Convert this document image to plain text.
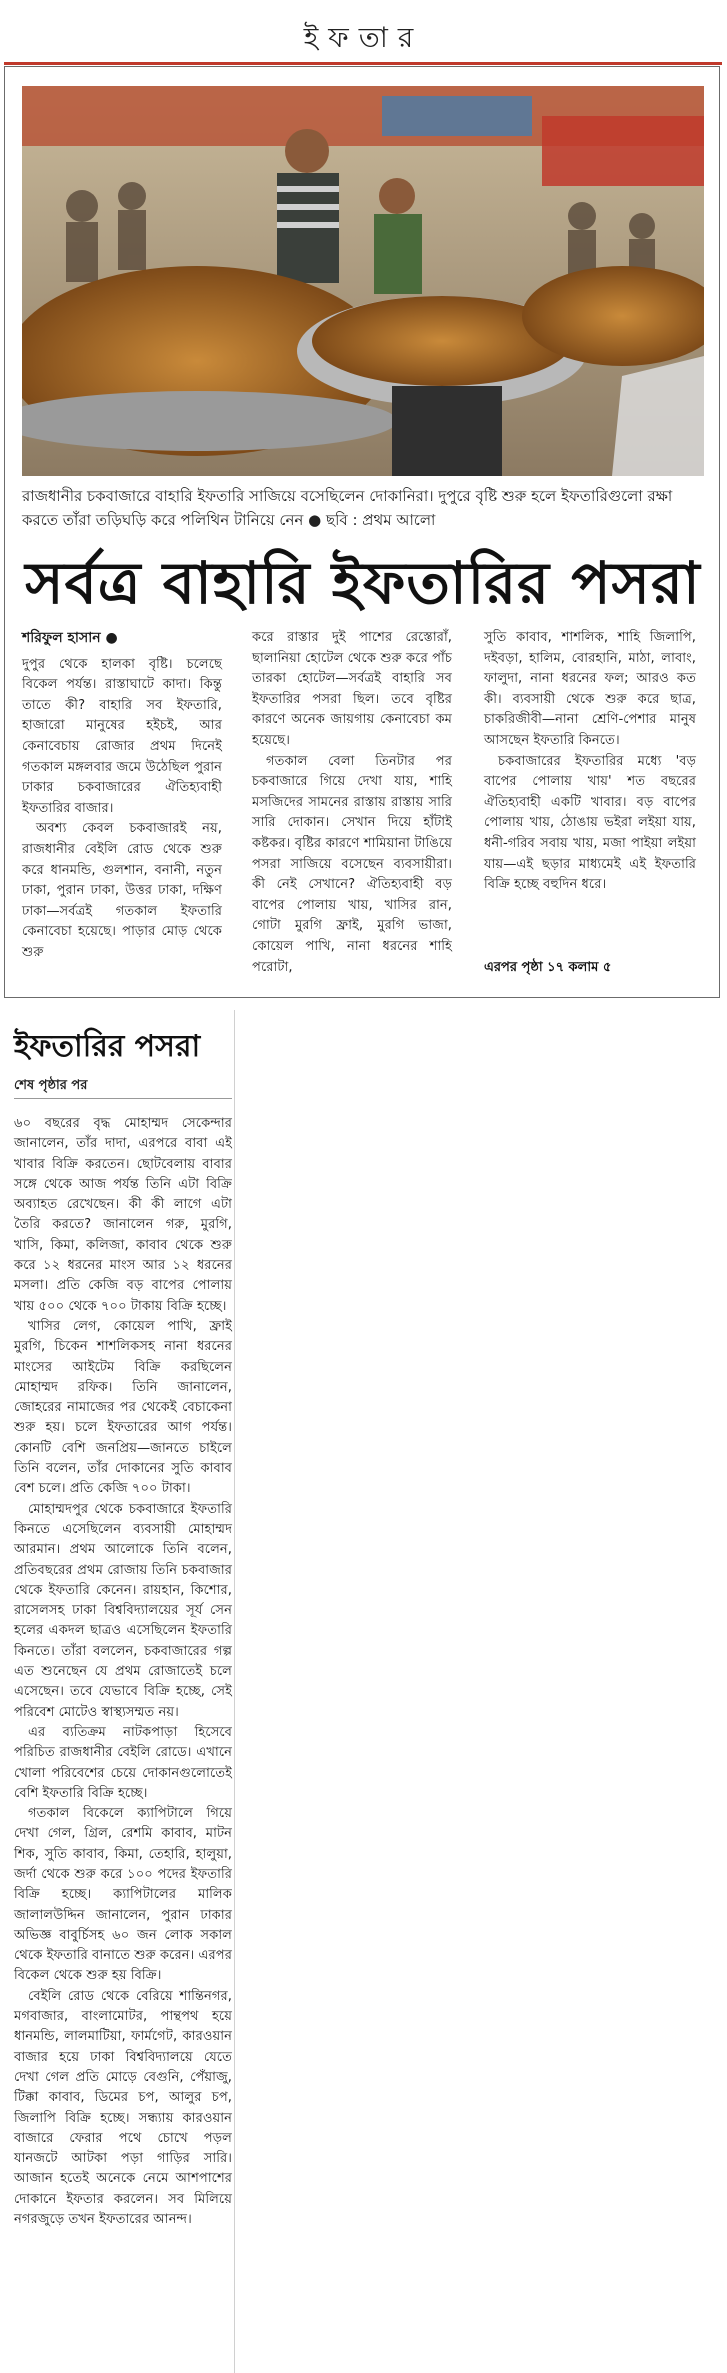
ইফতার
রাজধানীর চকবাজারে বাহারি ইফতারি সাজিয়ে বসেছিলেন দোকানিরা। দুপুরে বৃষ্টি শুরু হলে ইফতারিগুলো রক্ষা করতে তাঁরা তড়িঘড়ি করে পলিথিন টানিয়ে নেন ● ছবি : প্রথম আলো
সর্বত্র বাহারি ইফতারির পসরা
শরিফুল হাসান ●

দুপুর থেকে হালকা বৃষ্টি। চলেছে বিকেল পর্যন্ত। রাস্তাঘাটে কাদা। কিন্তু তাতে কী? বাহারি সব ইফতারি, হাজারো মানুষের হইচই, আর কেনাবেচায় রোজার প্রথম দিনেই গতকাল মঙ্গলবার জমে উঠেছিল পুরান ঢাকার চকবাজারের ঐতিহ্যবাহী ইফতারির বাজার।

অবশ্য কেবল চকবাজারই নয়, রাজধানীর বেইলি রোড থেকে শুরু করে ধানমন্ডি, গুলশান, বনানী, নতুন ঢাকা, পুরান ঢাকা, উত্তর ঢাকা, দক্ষিণ ঢাকা—সর্বত্রই গতকাল ইফতারি কেনাবেচা হয়েছে। পাড়ার মোড় থেকে শুরু

করে রাস্তার দুই পাশের রেস্তোরাঁ, ছালানিয়া হোটেল থেকে শুরু করে পাঁচ তারকা হোটেল—সর্বত্রই বাহারি সব ইফতারির পসরা ছিল। তবে বৃষ্টির কারণে অনেক জায়গায় কেনাবেচা কম হয়েছে।

গতকাল বেলা তিনটার পর চকবাজারে গিয়ে দেখা যায়, শাহি মসজিদের সামনের রাস্তায় রাস্তায় সারি সারি দোকান। সেখান দিয়ে হাঁটাই কষ্টকর। বৃষ্টির কারণে শামিয়ানা টাঙিয়ে পসরা সাজিয়ে বসেছেন ব্যবসায়ীরা। কী নেই সেখানে? ঐতিহ্যবাহী বড় বাপের পোলায় খায়, খাসির রান, গোটা মুরগি ফ্রাই, মুরগি ভাজা, কোয়েল পাখি, নানা ধরনের শাহি পরোটা,

সুতি কাবাব, শাশলিক, শাহি জিলাপি, দইবড়া, হালিম, বোরহানি, মাঠা, লাবাং, ফালুদা, নানা ধরনের ফল; আরও কত কী। ব্যবসায়ী থেকে শুরু করে ছাত্র, চাকরিজীবী—নানা শ্রেণি-পেশার মানুষ আসছেন ইফতারি কিনতে।

চকবাজারের ইফতারির মধ্যে 'বড় বাপের পোলায় খায়' শত বছরের ঐতিহ্যবাহী একটি খাবার। বড় বাপের পোলায় খায়, ঠোঙায় ভইরা লইয়া যায়, ধনী-গরিব সবায় খায়, মজা পাইয়া লইয়া যায়—এই ছড়ার মাধ্যমেই এই ইফতারি বিক্রি হচ্ছে বহুদিন ধরে।

এরপর পৃষ্ঠা ১৭ কলাম ৫
ইফতারির পসরা
শেষ পৃষ্ঠার পর

৬০ বছরের বৃদ্ধ মোহাম্মদ সেকেন্দার জানালেন, তাঁর দাদা, এরপরে বাবা এই খাবার বিক্রি করতেন। ছোটবেলায় বাবার সঙ্গে থেকে আজ পর্যন্ত তিনি এটা বিক্রি অব্যাহত রেখেছেন। কী কী লাগে এটা তৈরি করতে? জানালেন গরু, মুরগি, খাসি, কিমা, কলিজা, কাবাব থেকে শুরু করে ১২ ধরনের মাংস আর ১২ ধরনের মসলা। প্রতি কেজি বড় বাপের পোলায় খায় ৫০০ থেকে ৭০০ টাকায় বিক্রি হচ্ছে।

খাসির লেগ, কোয়েল পাখি, ফ্রাই মুরগি, চিকেন শাশলিকসহ নানা ধরনের মাংসের আইটেম বিক্রি করছিলেন মোহাম্মদ রফিক। তিনি জানালেন, জোহরের নামাজের পর থেকেই বেচাকেনা শুরু হয়। চলে ইফতারের আগ পর্যন্ত। কোনটি বেশি জনপ্রিয়—জানতে চাইলে তিনি বলেন, তাঁর দোকানের সুতি কাবাব বেশ চলে। প্রতি কেজি ৭০০ টাকা।

মোহাম্মদপুর থেকে চকবাজারে ইফতারি কিনতে এসেছিলেন ব্যবসায়ী মোহাম্মদ আরমান। প্রথম আলোকে তিনি বলেন, প্রতিবছরের প্রথম রোজায় তিনি চকবাজার থেকে ইফতারি কেনেন। রায়হান, কিশোর, রাসেলসহ ঢাকা বিশ্ববিদ্যালয়ের সূর্য সেন হলের একদল ছাত্রও এসেছিলেন ইফতারি কিনতে। তাঁরা বললেন, চকবাজারের গল্প এত শুনেছেন যে প্রথম রোজাতেই চলে এসেছেন। তবে যেভাবে বিক্রি হচ্ছে, সেই পরিবেশ মোটেও স্বাস্থ্যসম্মত নয়।

এর ব্যতিক্রম নাটকপাড়া হিসেবে পরিচিত রাজধানীর বেইলি রোডে। এখানে খোলা পরিবেশের চেয়ে দোকানগুলোতেই বেশি ইফতারি বিক্রি হচ্ছে।

গতকাল বিকেলে ক্যাপিটালে গিয়ে দেখা গেল, গ্রিল, রেশমি কাবাব, মাটন শিক, সুতি কাবাব, কিমা, তেহারি, হালুয়া, জর্দা থেকে শুরু করে ১০০ পদের ইফতারি বিক্রি হচ্ছে। ক্যাপিটালের মালিক জালালউদ্দিন জানালেন, পুরান ঢাকার অভিজ্ঞ বাবুর্চিসহ ৬০ জন লোক সকাল থেকে ইফতারি বানাতে শুরু করেন। এরপর বিকেল থেকে শুরু হয় বিক্রি।

বেইলি রোড থেকে বেরিয়ে শান্তিনগর, মগবাজার, বাংলামোটর, পান্থপথ হয়ে ধানমন্ডি, লালমাটিয়া, ফার্মগেট, কারওয়ান বাজার হয়ে ঢাকা বিশ্ববিদ্যালয়ে যেতে দেখা গেল প্রতি মোড়ে বেগুনি, পেঁয়াজু, টিক্কা কাবাব, ডিমের চপ, আলুর চপ, জিলাপি বিক্রি হচ্ছে। সন্ধ্যায় কারওয়ান বাজারে ফেরার পথে চোখে পড়ল যানজটে আটকা পড়া গাড়ির সারি। আজান হতেই অনেকে নেমে আশপাশের দোকানে ইফতার করলেন। সব মিলিয়ে নগরজুড়ে তখন ইফতারের আনন্দ।
